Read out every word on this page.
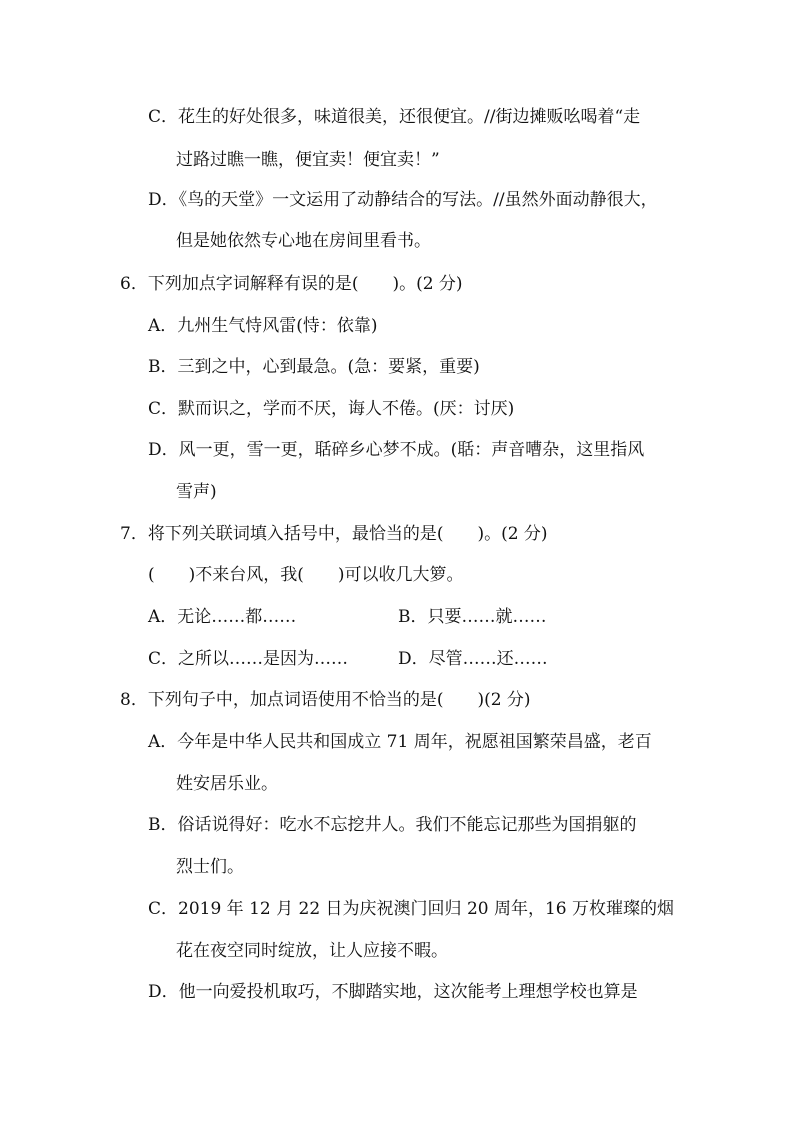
C．花生的好处很多，味道很美，还很便宜。//街边摊贩吆喝着“走
过路过瞧一瞧，便宜卖！便宜卖！”
D．《鸟的天堂》一文运用了动静结合的写法。//虽然外面动静很大，
但是她依然专心地在房间里看书。
6．下列加点字词解释有误的是(　　)。(2 分)
A．九州生气恃风雷(恃：依靠)
B．三到之中，心到最急。(急：要紧，重要)
C．默而识之，学而不厌，诲人不倦。(厌：讨厌)
D．风一更，雪一更，聒碎乡心梦不成。(聒：声音嘈杂，这里指风
雪声)
7．将下列关联词填入括号中，最恰当的是(　　)。(2 分)
(　　)不来台风，我(　　)可以收几大箩。
A．无论……都……	B．只要……就……
C．之所以……是因为……	D．尽管……还……
8．下列句子中，加点词语使用不恰当的是(　　)(2 分)
A．今年是中华人民共和国成立 71 周年，祝愿祖国繁荣昌盛，老百
姓安居乐业。
B．俗话说得好：吃水不忘挖井人。我们不能忘记那些为国捐躯的
烈士们。
C．2019 年 12 月 22 日为庆祝澳门回归 20 周年，16 万枚璀璨的烟
花在夜空同时绽放，让人应接不暇。
D．他一向爱投机取巧，不脚踏实地，这次能考上理想学校也算是
